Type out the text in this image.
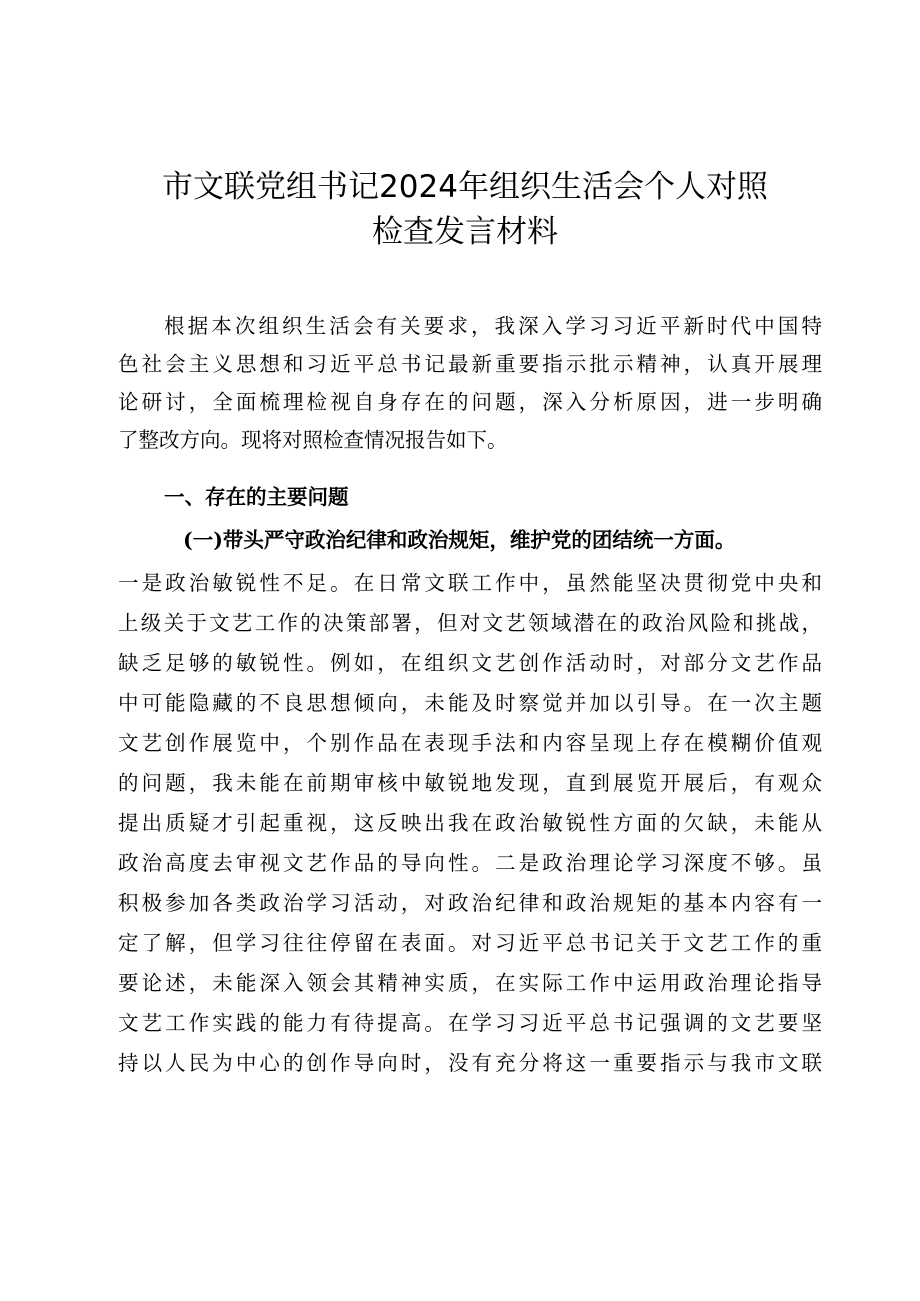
市文联党组书记2024年组织生活会个人对照
检查发言材料
根据本次组织生活会有关要求，我深入学习习近平新时代中国特
色社会主义思想和习近平总书记最新重要指示批示精神，认真开展理
论研讨，全面梳理检视自身存在的问题，深入分析原因，进一步明确
了整改方向。现将对照检查情况报告如下。
一、存在的主要问题
(一)带头严守政治纪律和政治规矩，维护党的团结统一方面。
一是政治敏锐性不足。在日常文联工作中，虽然能坚决贯彻党中央和
上级关于文艺工作的决策部署，但对文艺领域潜在的政治风险和挑战，
缺乏足够的敏锐性。例如，在组织文艺创作活动时，对部分文艺作品
中可能隐藏的不良思想倾向，未能及时察觉并加以引导。在一次主题
文艺创作展览中，个别作品在表现手法和内容呈现上存在模糊价值观
的问题，我未能在前期审核中敏锐地发现，直到展览开展后，有观众
提出质疑才引起重视，这反映出我在政治敏锐性方面的欠缺，未能从
政治高度去审视文艺作品的导向性。二是政治理论学习深度不够。虽
积极参加各类政治学习活动，对政治纪律和政治规矩的基本内容有一
定了解，但学习往往停留在表面。对习近平总书记关于文艺工作的重
要论述，未能深入领会其精神实质，在实际工作中运用政治理论指导
文艺工作实践的能力有待提高。在学习习近平总书记强调的文艺要坚
持以人民为中心的创作导向时，没有充分将这一重要指示与我市文联
